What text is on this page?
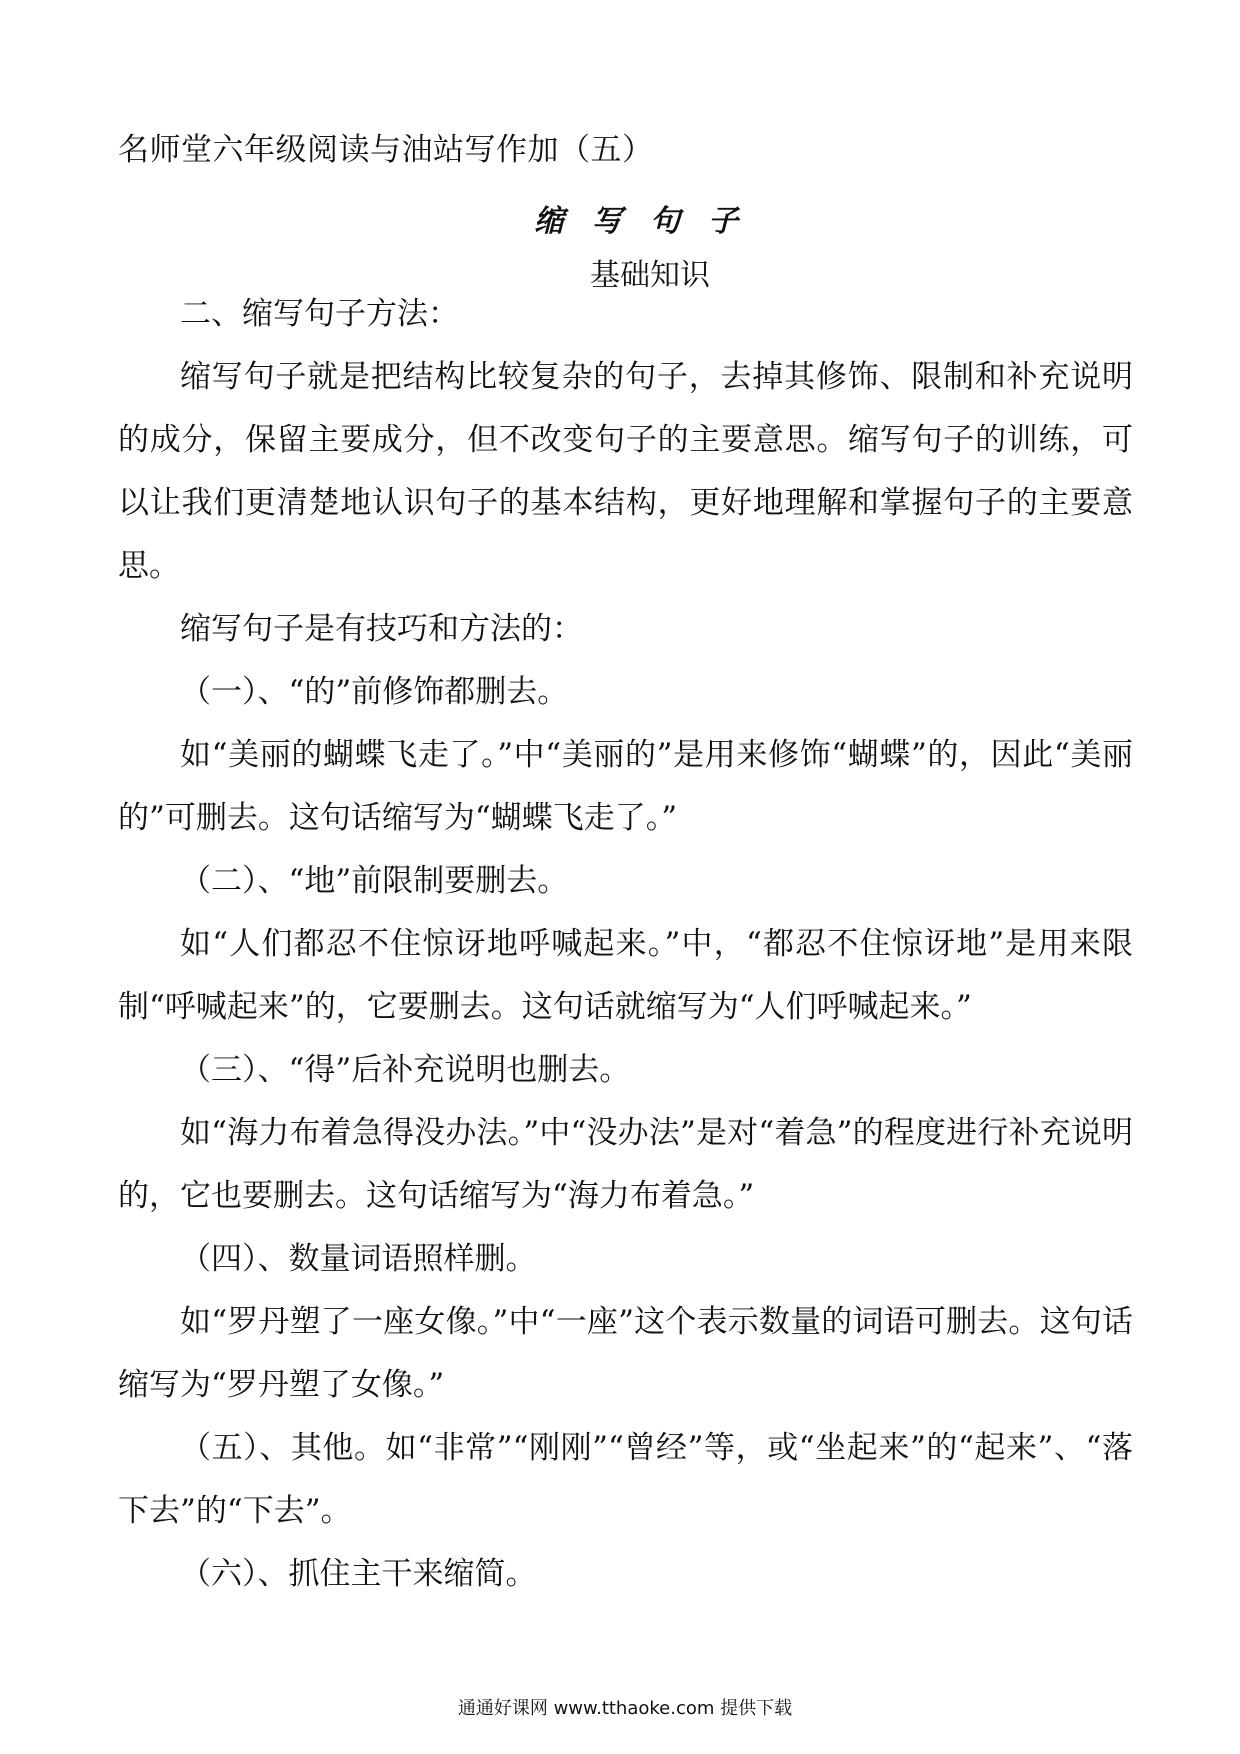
名师堂六年级阅读与油站写作加（五）
缩写句子
基础知识

二、缩写句子方法：

缩写句子就是把结构比较复杂的句子，去掉其修饰、限制和补充说明的成分，保留主要成分，但不改变句子的主要意思。缩写句子的训练，可以让我们更清楚地认识句子的基本结构，更好地理解和掌握句子的主要意思。

缩写句子是有技巧和方法的：

（一）、“的”前修饰都删去。

如“美丽的蝴蝶飞走了。”中“美丽的”是用来修饰“蝴蝶”的，因此“美丽的”可删去。这句话缩写为“蝴蝶飞走了。”

（二）、“地”前限制要删去。

如“人们都忍不住惊讶地呼喊起来。”中，“都忍不住惊讶地”是用来限制“呼喊起来”的，它要删去。这句话就缩写为“人们呼喊起来。”

（三）、“得”后补充说明也删去。

如“海力布着急得没办法。”中“没办法”是对“着急”的程度进行补充说明的，它也要删去。这句话缩写为“海力布着急。”

（四）、数量词语照样删。

如“罗丹塑了一座女像。”中“一座”这个表示数量的词语可删去。这句话缩写为“罗丹塑了女像。”

（五）、其他。如“非常”“刚刚”“曾经”等，或“坐起来”的“起来”、“落下去”的“下去”。

（六）、抓住主干来缩简。

通通好课网 www.tthaoke.com 提供下载
